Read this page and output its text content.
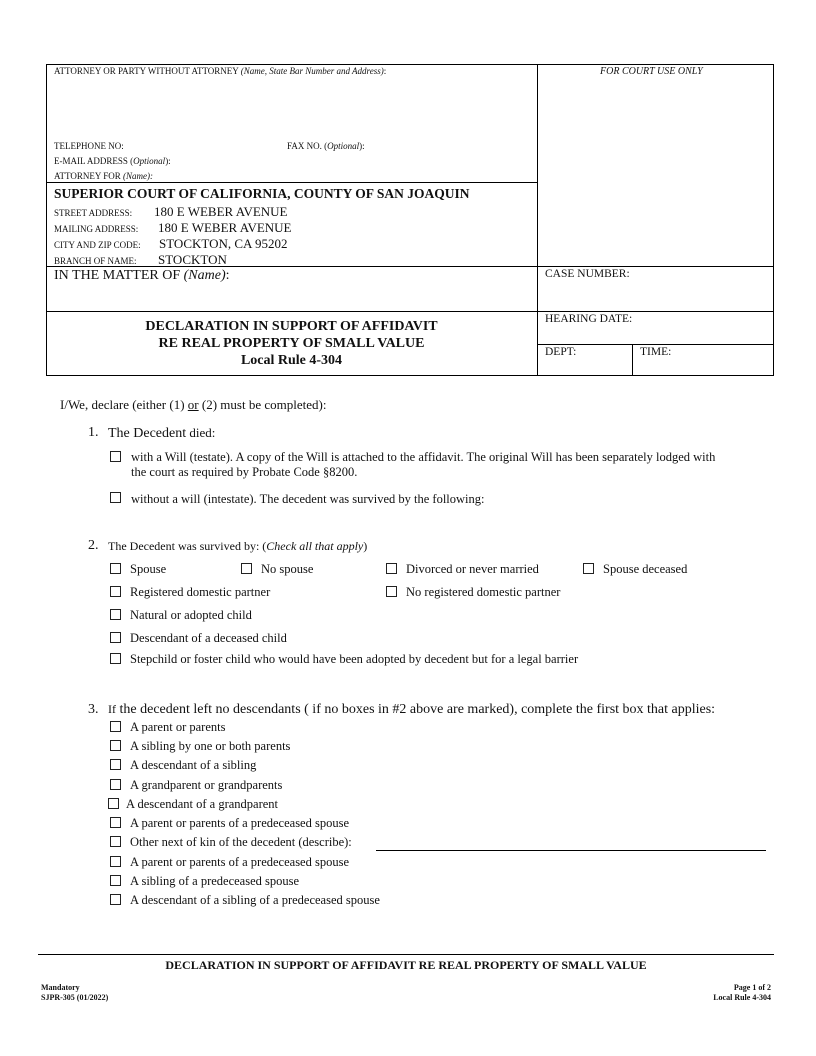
ATTORNEY OR PARTY WITHOUT ATTORNEY (Name, State Bar Number and Address):	FOR COURT USE ONLY
TELEPHONE NO:	FAX NO. (Optional):
E-MAIL ADDRESS (Optional):
ATTORNEY FOR (Name):
SUPERIOR COURT OF CALIFORNIA, COUNTY OF SAN JOAQUIN
STREET ADDRESS: 180 E WEBER AVENUE
MAILING ADDRESS: 180 E WEBER AVENUE
CITY AND ZIP CODE: STOCKTON, CA 95202
BRANCH OF NAME: STOCKTON
IN THE MATTER OF (Name):	CASE NUMBER:
HEARING DATE:
DEPT:	TIME:
DECLARATION IN SUPPORT OF AFFIDAVIT
RE REAL PROPERTY OF SMALL VALUE
Local Rule 4-304
I/We, declare (either (1) or (2) must be completed):
1. The Decedent died:
with a Will (testate). A copy of the Will is attached to the affidavit. The original Will has been separately lodged with
the court as required by Probate Code §8200.
without a will (intestate). The decedent was survived by the following:
2. The Decedent was survived by: (Check all that apply)
Spouse	No spouse	Divorced or never married	Spouse deceased
Registered domestic partner	No registered domestic partner
Natural or adopted child
Descendant of a deceased child
Stepchild or foster child who would have been adopted by decedent but for a legal barrier
3. If the decedent left no descendants ( if no boxes in #2 above are marked), complete the first box that applies:
A parent or parents
A sibling by one or both parents
A descendant of a sibling
A grandparent or grandparents
A descendant of a grandparent
A parent or parents of a predeceased spouse
Other next of kin of the decedent (describe):
A parent or parents of a predeceased spouse
A sibling of a predeceased spouse
A descendant of a sibling of a predeceased spouse
DECLARATION IN SUPPORT OF AFFIDAVIT RE REAL PROPERTY OF SMALL VALUE
Mandatory
SJPR-305 (01/2022)
Page 1 of 2
Local Rule 4-304
